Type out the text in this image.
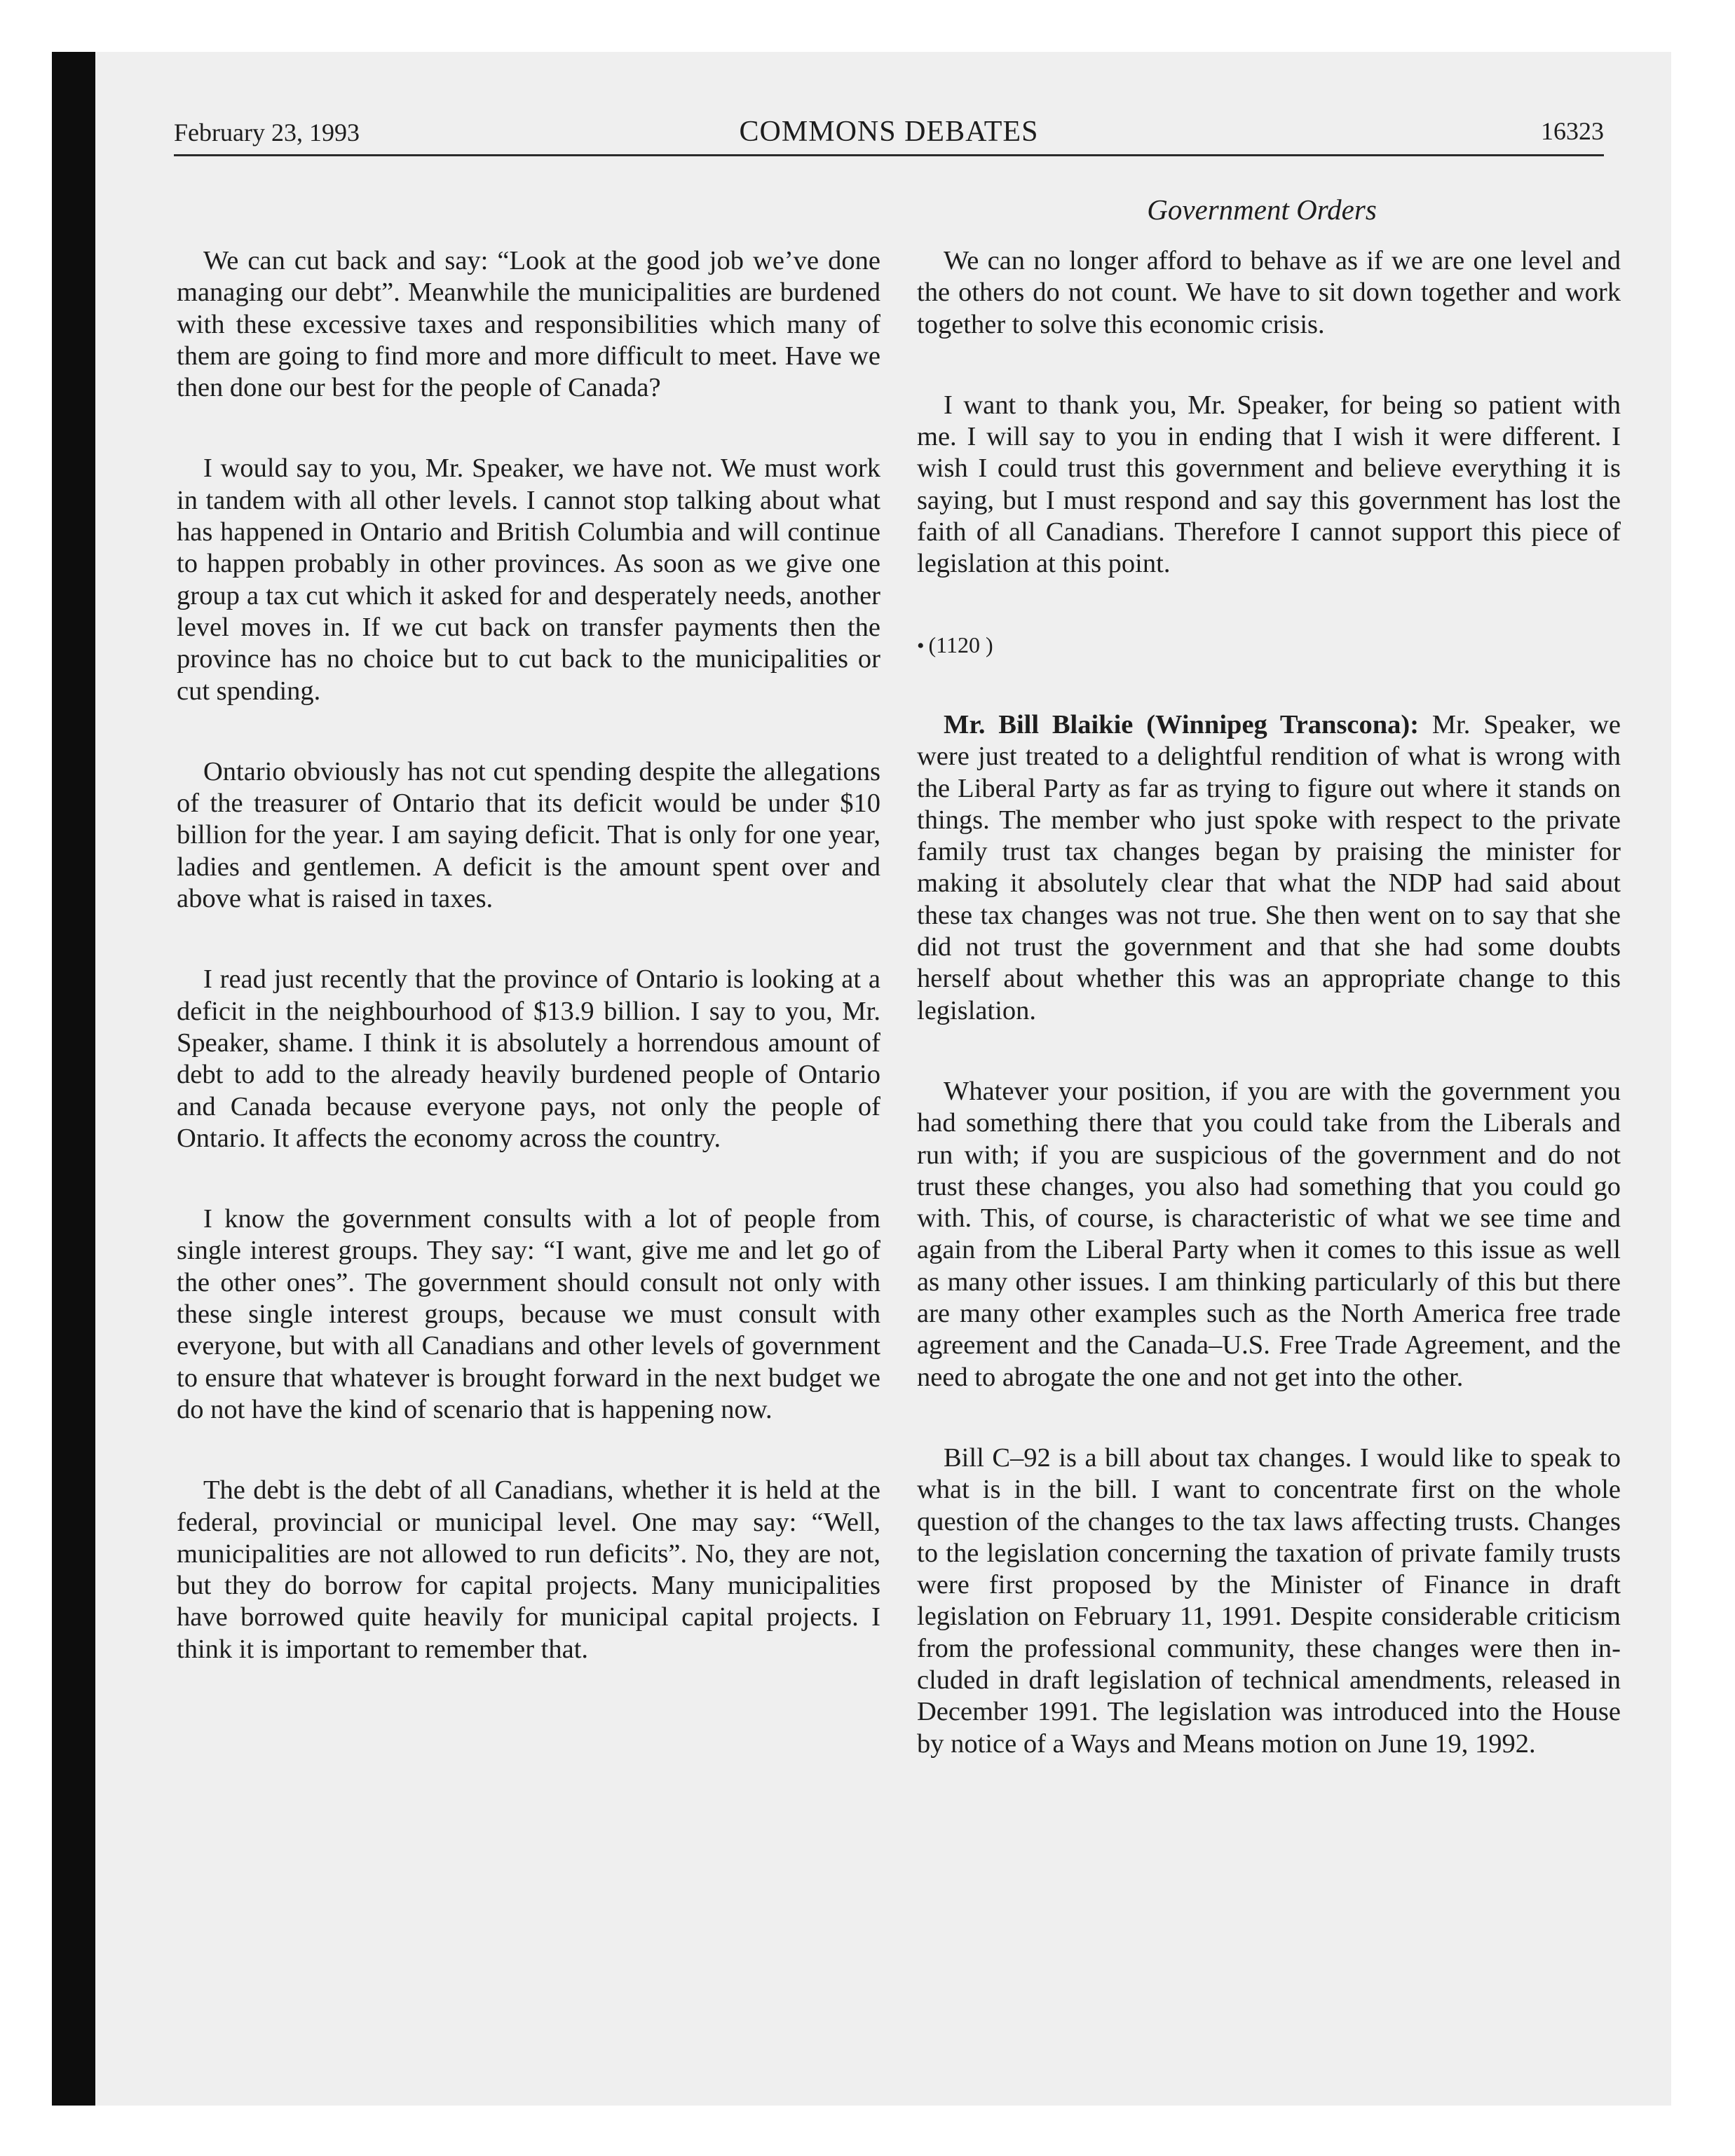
February 23, 1993	COMMONS DEBATES	16323
Government Orders

We can cut back and say: “Look at the good job we’ve done managing our debt”. Meanwhile the municipalities are burdened with these excessive taxes and responsibilities which many of them are going to find more and more difficult to meet. Have we then done our best for the people of Canada?

I would say to you, Mr. Speaker, we have not. We must work in tandem with all other levels. I cannot stop talking about what has happened in Ontario and British Columbia and will continue to happen probably in other provinces. As soon as we give one group a tax cut which it asked for and desperately needs, another level moves in. If we cut back on transfer payments then the province has no choice but to cut back to the municipalities or cut spending.

Ontario obviously has not cut spending despite the allegations of the treasurer of Ontario that its deficit would be under $10 billion for the year. I am saying deficit. That is only for one year, ladies and gentlemen. A deficit is the amount spent over and above what is raised in taxes.

I read just recently that the province of Ontario is looking at a deficit in the neighbourhood of $13.9 billion. I say to you, Mr. Speaker, shame. I think it is absolutely a horrendous amount of debt to add to the already heavily burdened people of Ontario and Canada because everyone pays, not only the people of Ontario. It affects the economy across the country.

I know the government consults with a lot of people from single interest groups. They say: “I want, give me and let go of the other ones”. The government should consult not only with these single interest groups, because we must consult with everyone, but with all Canadians and other levels of government to ensure that whatever is brought forward in the next budget we do not have the kind of scenario that is happening now.

The debt is the debt of all Canadians, whether it is held at the federal, provincial or municipal level. One may say: “Well, municipalities are not allowed to run deficits”. No, they are not, but they do borrow for capital projects. Many municipalities have borrowed quite heavily for municipal capital projects. I think it is important to remember that.

We can no longer afford to behave as if we are one level and the others do not count. We have to sit down together and work together to solve this economic crisis.

I want to thank you, Mr. Speaker, for being so patient with me. I will say to you in ending that I wish it were different. I wish I could trust this government and believe everything it is saying, but I must respond and say this government has lost the faith of all Canadians. Therefore I cannot support this piece of legislation at this point.

• (1120 )

Mr. Bill Blaikie (Winnipeg Transcona): Mr. Speaker, we were just treated to a delightful rendition of what is wrong with the Liberal Party as far as trying to figure out where it stands on things. The member who just spoke with respect to the private family trust tax changes began by praising the minister for making it absolutely clear that what the NDP had said about these tax changes was not true. She then went on to say that she did not trust the government and that she had some doubts herself about whether this was an appropriate change to this legislation.

Whatever your position, if you are with the government you had something there that you could take from the Liberals and run with; if you are suspicious of the government and do not trust these changes, you also had something that you could go with. This, of course, is characteristic of what we see time and again from the Liberal Party when it comes to this issue as well as many other issues. I am thinking particularly of this but there are many other examples such as the North America free trade agreement and the Canada–U.S. Free Trade Agreement, and the need to abrogate the one and not get into the other.

Bill C–92 is a bill about tax changes. I would like to speak to what is in the bill. I want to concentrate first on the whole question of the changes to the tax laws affecting trusts. Changes to the legislation concerning the taxation of private family trusts were first proposed by the Minister of Finance in draft legislation on February 11, 1991. Despite considerable criticism from the professional community, these changes were then included in draft legislation of technical amendments, released in December 1991. The legislation was introduced into the House by notice of a Ways and Means motion on June 19, 1992.
